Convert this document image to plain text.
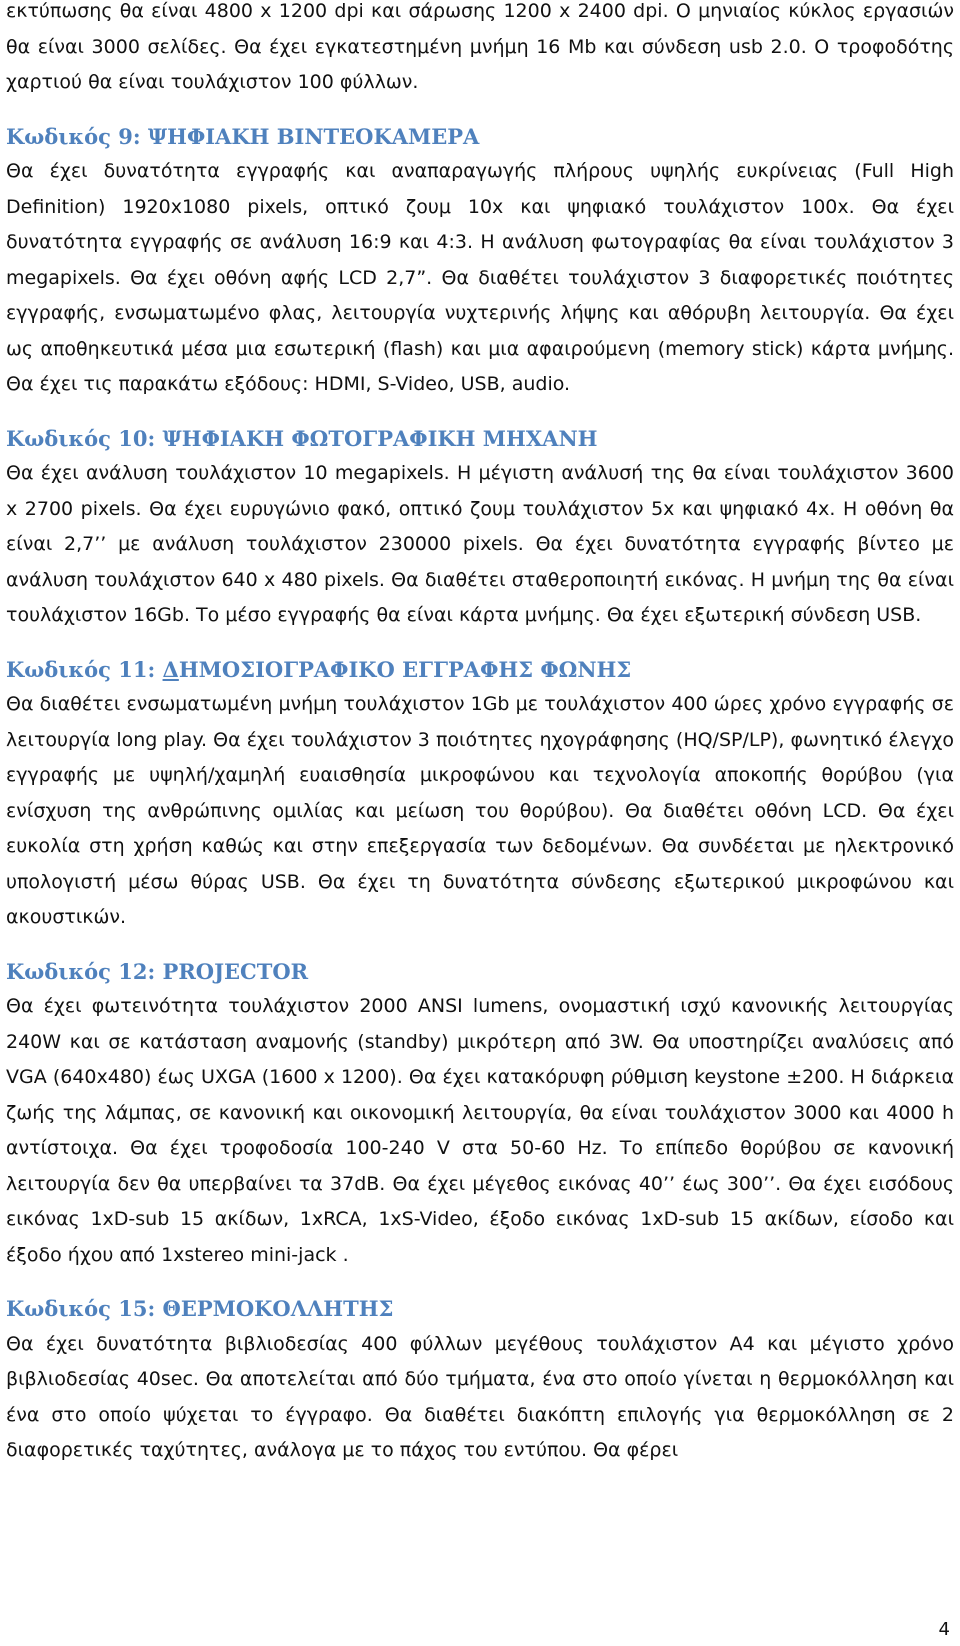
εκτύπωσης θα είναι 4800 x 1200 dpi και σάρωσης 1200 x 2400 dpi. Ο μηνιαίος κύκλος εργασιών θα είναι 3000 σελίδες. Θα έχει εγκατεστημένη μνήμη 16 Mb και σύνδεση usb 2.0. Ο τροφοδότης χαρτιού θα είναι τουλάχιστον 100 φύλλων.

Κωδικός 9: ΨΗΦΙΑΚΗ ΒΙΝΤΕΟΚΑΜΕΡΑ

Θα έχει δυνατότητα εγγραφής και αναπαραγωγής πλήρους υψηλής ευκρίνειας (Full High Definition) 1920x1080 pixels, οπτικό ζουμ 10x και ψηφιακό τουλάχιστον 100x. Θα έχει δυνατότητα εγγραφής σε ανάλυση 16:9 και 4:3. Η ανάλυση φωτογραφίας θα είναι τουλάχιστον 3 megapixels. Θα έχει οθόνη αφής LCD 2,7”. Θα διαθέτει τουλάχιστον 3 διαφορετικές ποιότητες εγγραφής, ενσωματωμένο φλας, λειτουργία νυχτερινής λήψης και αθόρυβη λειτουργία. Θα έχει ως αποθηκευτικά μέσα μια εσωτερική (flash) και μια αφαιρούμενη (memory stick) κάρτα μνήμης. Θα έχει τις παρακάτω εξόδους: HDMI, S-Video, USB, audio.

Κωδικός 10: ΨΗΦΙΑΚΗ ΦΩΤΟΓΡΑΦΙΚΗ ΜΗΧΑΝΗ

Θα έχει ανάλυση τουλάχιστον 10 megapixels. Η μέγιστη ανάλυσή της θα είναι τουλάχιστον 3600 x 2700 pixels. Θα έχει ευρυγώνιο φακό, οπτικό ζουμ τουλάχιστον 5x και ψηφιακό 4x. Η οθόνη θα είναι 2,7’’ με ανάλυση τουλάχιστον 230000 pixels. Θα έχει δυνατότητα εγγραφής βίντεο με ανάλυση τουλάχιστον 640 x 480 pixels. Θα διαθέτει σταθεροποιητή εικόνας. Η μνήμη της θα είναι τουλάχιστον 16Gb. Το μέσο εγγραφής θα είναι κάρτα μνήμης. Θα έχει εξωτερική σύνδεση USB.

Κωδικός 11: ΔΗΜΟΣΙΟΓΡΑΦΙΚΟ ΕΓΓΡΑΦΗΣ ΦΩΝΗΣ

Θα διαθέτει ενσωματωμένη μνήμη τουλάχιστον 1Gb με τουλάχιστον 400 ώρες χρόνο εγγραφής σε λειτουργία long play. Θα έχει τουλάχιστον 3 ποιότητες ηχογράφησης (HQ/SP/LP), φωνητικό έλεγχο εγγραφής με υψηλή/χαμηλή ευαισθησία μικροφώνου και τεχνολογία αποκοπής θορύβου (για ενίσχυση της ανθρώπινης ομιλίας και μείωση του θορύβου). Θα διαθέτει οθόνη LCD. Θα έχει ευκολία στη χρήση καθώς και στην επεξεργασία των δεδομένων. Θα συνδέεται με ηλεκτρονικό υπολογιστή μέσω θύρας USB. Θα έχει τη δυνατότητα σύνδεσης εξωτερικού μικροφώνου και ακουστικών.

Κωδικός 12: PROJECTOR

Θα έχει φωτεινότητα τουλάχιστον 2000 ANSI lumens, ονομαστική ισχύ κανονικής λειτουργίας 240W και σε κατάσταση αναμονής (standby) μικρότερη από 3W. Θα υποστηρίζει αναλύσεις από VGA (640x480) έως UXGA (1600 x 1200). Θα έχει κατακόρυφη ρύθμιση keystone ±200. Η διάρκεια ζωής της λάμπας, σε κανονική και οικονομική λειτουργία, θα είναι τουλάχιστον 3000 και 4000 h αντίστοιχα. Θα έχει τροφοδοσία 100-240 V στα 50-60 Hz. Το επίπεδο θορύβου σε κανονική λειτουργία δεν θα υπερβαίνει τα 37dB. Θα έχει μέγεθος εικόνας 40’’ έως 300’’. Θα έχει εισόδους εικόνας 1xD-sub 15 ακίδων, 1xRCA, 1xS-Video, έξοδο εικόνας 1xD-sub 15 ακίδων, είσοδο και έξοδο ήχου από 1xstereo mini-jack .

Κωδικός 15: ΘΕΡΜΟΚΟΛΛΗΤΗΣ

Θα έχει δυνατότητα βιβλιοδεσίας 400 φύλλων μεγέθους τουλάχιστον Α4 και μέγιστο χρόνο βιβλιοδεσίας 40sec. Θα αποτελείται από δύο τμήματα, ένα στο οποίο γίνεται η θερμοκόλληση και ένα στο οποίο ψύχεται το έγγραφο. Θα διαθέτει διακόπτη επιλογής για θερμοκόλληση σε 2 διαφορετικές ταχύτητες, ανάλογα με το πάχος του εντύπου. Θα φέρει

4
